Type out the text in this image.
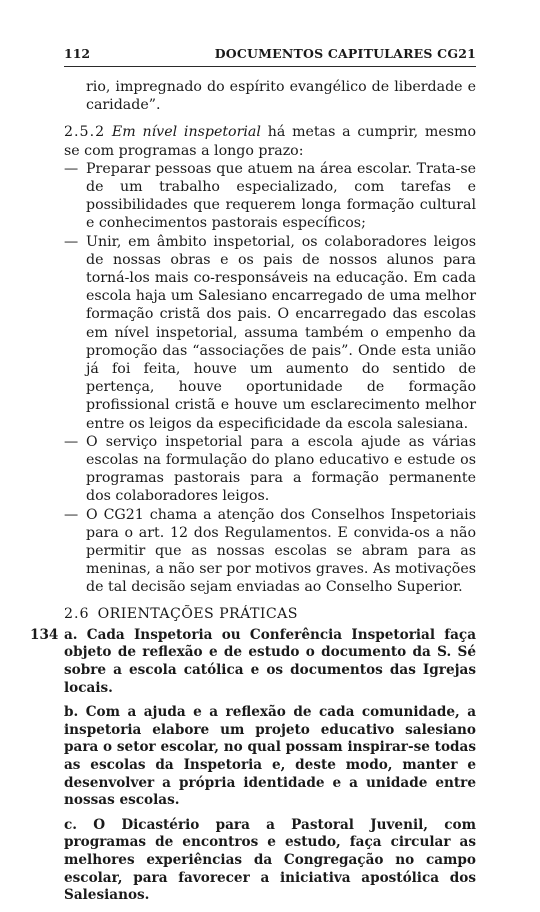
112	DOCUMENTOS CAPITULARES CG21

rio, impregnado do espírito evangélico de liberdade e caridade”.

2.5.2 Em nível inspetorial há metas a cumprir, mesmo se com programas a longo prazo:

— Preparar pessoas que atuem na área escolar. Trata-se de um trabalho especializado, com tarefas e possibilidades que requerem longa formação cultural e conhecimentos pastorais específicos;

— Unir, em âmbito inspetorial, os colaboradores leigos de nossas obras e os pais de nossos alunos para torná-los mais co-responsáveis na educação. Em cada escola haja um Salesiano encarregado de uma melhor formação cristã dos pais. O encarregado das escolas em nível inspetorial, assuma também o empenho da promoção das “associações de pais”. Onde esta união já foi feita, houve um aumento do sentido de pertença, houve oportunidade de formação profissional cristã e houve um esclarecimento melhor entre os leigos da especificidade da escola salesiana.

— O serviço inspetorial para a escola ajude as várias escolas na formulação do plano educativo e estude os programas pastorais para a formação permanente dos colaboradores leigos.

— O CG21 chama a atenção dos Conselhos Inspetoriais para o art. 12 dos Regulamentos. E convida-os a não permitir que as nossas escolas se abram para as meninas, a não ser por motivos graves. As motivações de tal decisão sejam enviadas ao Conselho Superior.

2.6 ORIENTAÇÕES PRÁTICAS

134 a. Cada Inspetoria ou Conferência Inspetorial faça objeto de reflexão e de estudo o documento da S. Sé sobre a escola católica e os documentos das Igrejas locais.

b. Com a ajuda e a reflexão de cada comunidade, a inspetoria elabore um projeto educativo salesiano para o setor escolar, no qual possam inspirar-se todas as escolas da Inspetoria e, deste modo, manter e desenvolver a própria identidade e a unidade entre nossas escolas.

c. O Dicastério para a Pastoral Juvenil, com programas de encontros e estudo, faça circular as melhores experiências da Congregação no campo escolar, para favorecer a iniciativa apostólica dos Salesianos.
